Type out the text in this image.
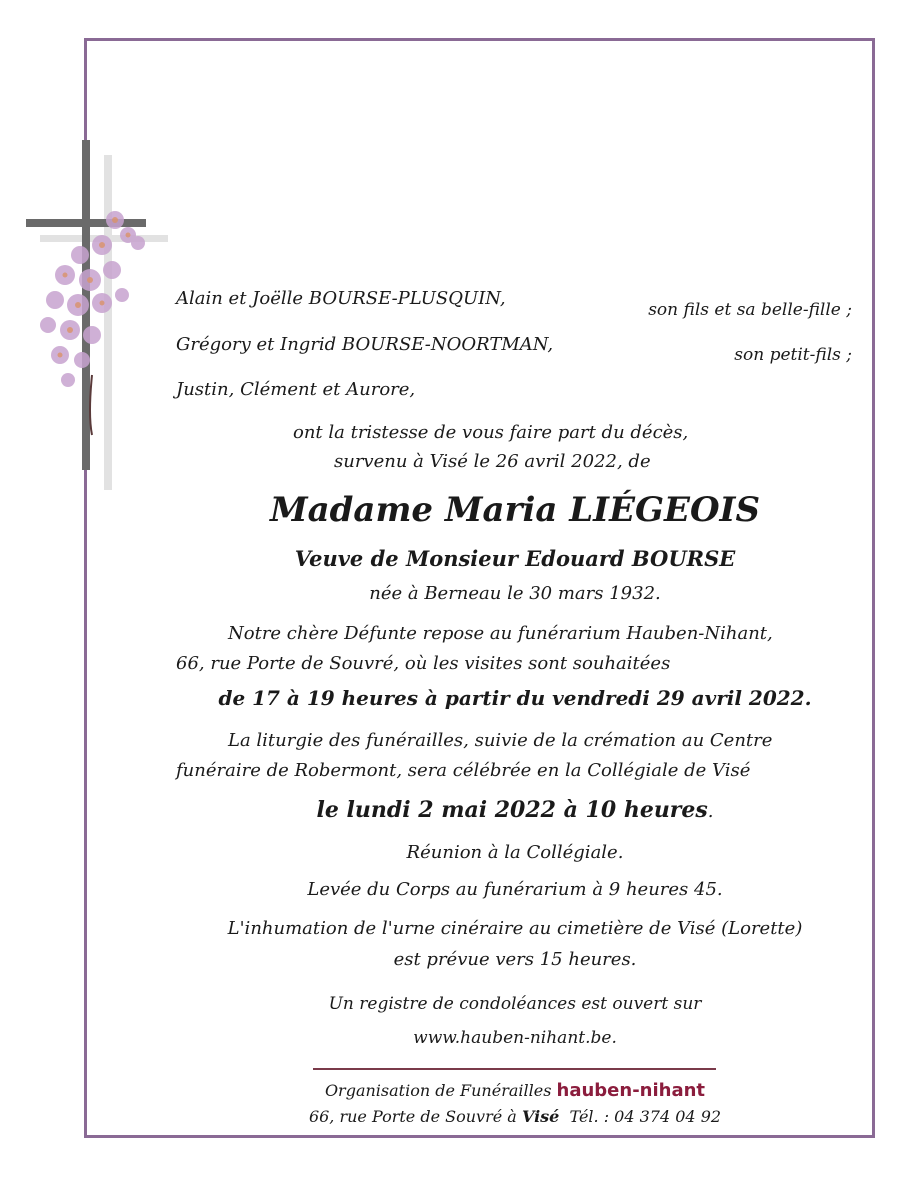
Alain et Joëlle BOURSE-PLUSQUIN,
son fils et sa belle-fille ;
Grégory et Ingrid BOURSE-NOORTMAN,	son petit-fils ;
Justin, Clément et Aurore,
ont la tristesse de vous faire part du décès,
survenu à Visé le 26 avril 2022, de
Madame Maria LIÉGEOIS
Veuve de Monsieur Edouard BOURSE
née à Berneau le 30 mars 1932.
Notre chère Défunte repose au funérarium Hauben-Nihant,
66, rue Porte de Souvré, où les visites sont souhaitées
de 17 à 19 heures à partir du vendredi 29 avril 2022.
La liturgie des funérailles, suivie de la crémation au Centre
funéraire de Robermont, sera célébrée en la Collégiale de Visé
le lundi 2 mai 2022 à 10 heures.
Réunion à la Collégiale.
Levée du Corps au funérarium à 9 heures 45.
L'inhumation de l'urne cinéraire au cimetière de Visé (Lorette)
est prévue vers 15 heures.
Un registre de condoléances est ouvert sur
www.hauben-nihant.be.
Organisation de Funérailles hauben-nihant
66, rue Porte de Souvré à Visé Tél. : 04 374 04 92
